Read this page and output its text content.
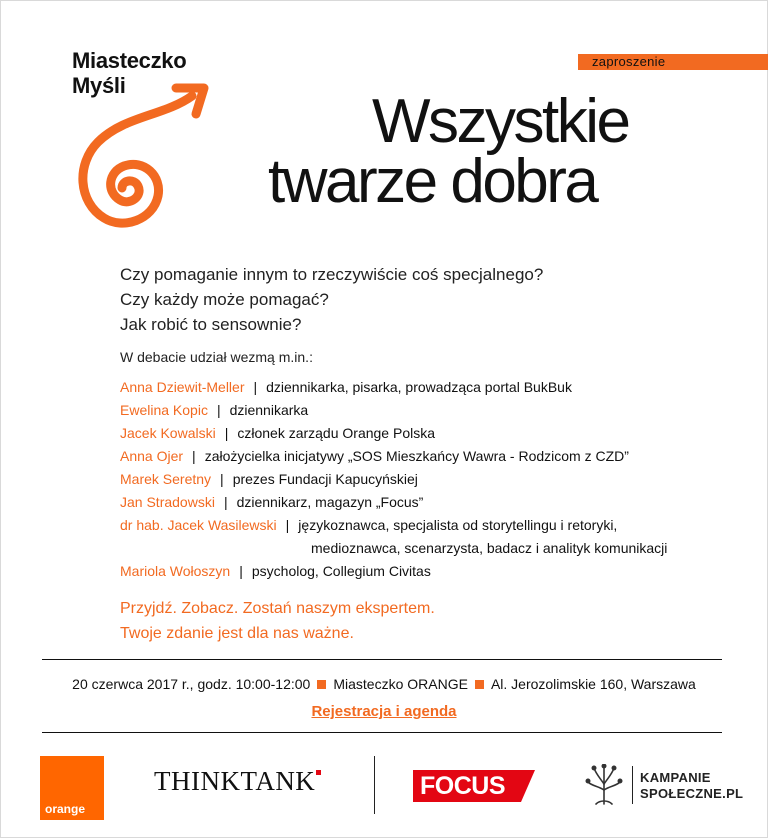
Miasteczko
Myśli
zaproszenie
Wszystkie
twarze dobra
Czy pomaganie innym to rzeczywiście coś specjalnego?
Czy każdy może pomagać?
Jak robić to sensownie?
W debacie udział wezmą m.in.:
Anna Dziewit-Meller | dziennikarka, pisarka, prowadząca portal BukBuk
Ewelina Kopic | dziennikarka
Jacek Kowalski | członek zarządu Orange Polska
Anna Ojer | założycielka inicjatywy „SOS Mieszkańcy Wawra - Rodzicom z CZD”
Marek Seretny | prezes Fundacji Kapucyńskiej
Jan Stradowski | dziennikarz, magazyn „Focus”
dr hab. Jacek Wasilewski | językoznawca, specjalista od storytellingu i retoryki,
medioznawca, scenarzysta, badacz i analityk komunikacji
Mariola Wołoszyn | psycholog, Collegium Civitas
Przyjdź. Zobacz. Zostań naszym ekspertem.
Twoje zdanie jest dla nas ważne.
20 czerwca 2017 r., godz. 10:00-12:00 Miasteczko ORANGE Al. Jerozolimskie 160, Warszawa
Rejestracja i agenda
orange
THINKTANK	FOCUS	KAMPANIE
SPOŁECZNE.PL
